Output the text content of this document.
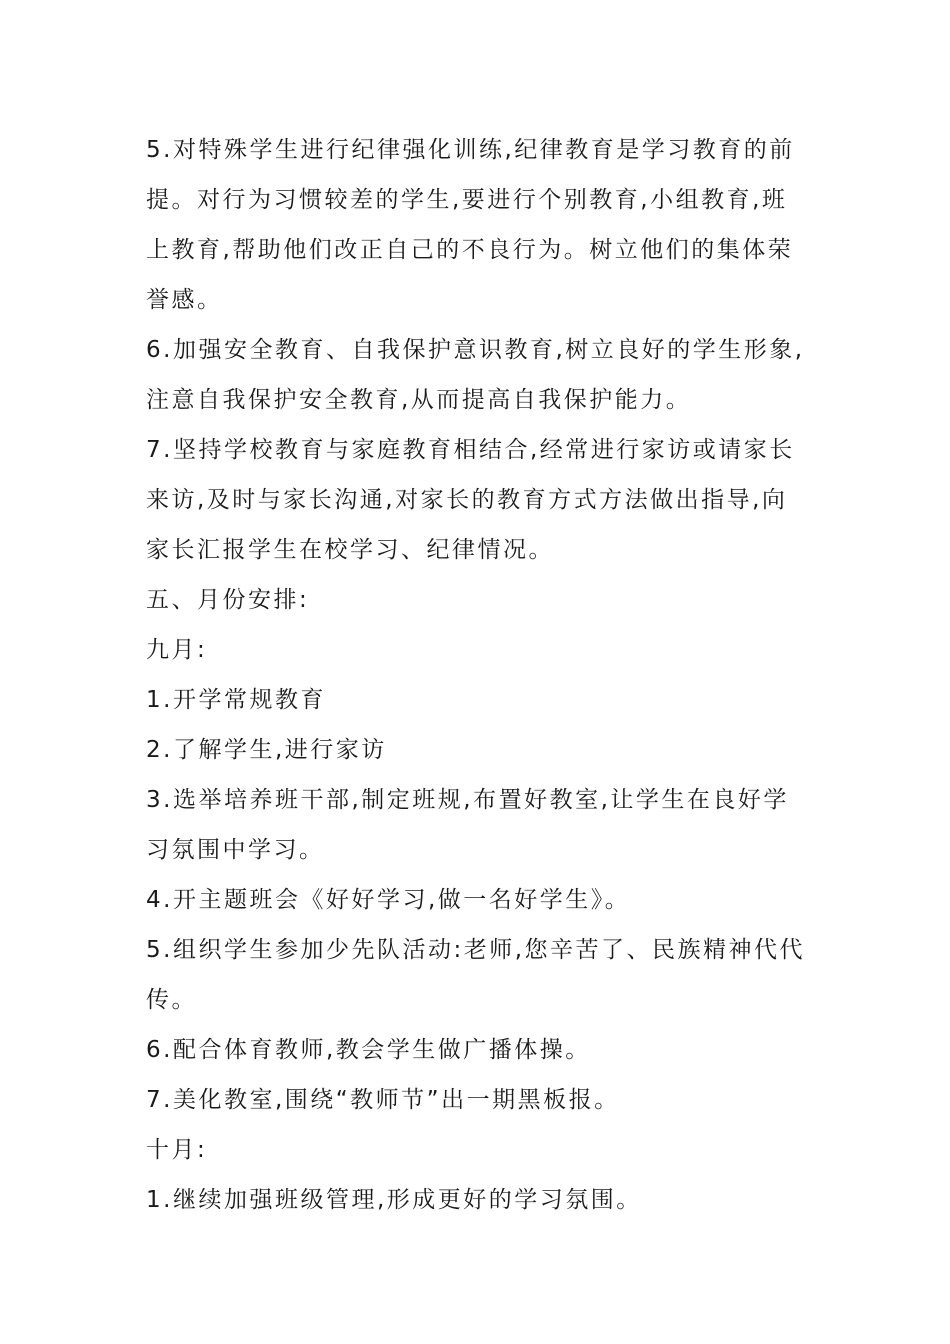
5.对特殊学生进行纪律强化训练,纪律教育是学习教育的前
提。对行为习惯较差的学生,要进行个别教育,小组教育,班
上教育,帮助他们改正自己的不良行为。树立他们的集体荣
誉感。
6.加强安全教育、自我保护意识教育,树立良好的学生形象,
注意自我保护安全教育,从而提高自我保护能力。
7.坚持学校教育与家庭教育相结合,经常进行家访或请家长
来访,及时与家长沟通,对家长的教育方式方法做出指导,向
家长汇报学生在校学习、纪律情况。
五、月份安排:
九月:
1.开学常规教育
2.了解学生,进行家访
3.选举培养班干部,制定班规,布置好教室,让学生在良好学
习氛围中学习。
4.开主题班会《好好学习,做一名好学生》。
5.组织学生参加少先队活动:老师,您辛苦了、民族精神代代
传。
6.配合体育教师,教会学生做广播体操。
7.美化教室,围绕“教师节”出一期黑板报。
十月:
1.继续加强班级管理,形成更好的学习氛围。
